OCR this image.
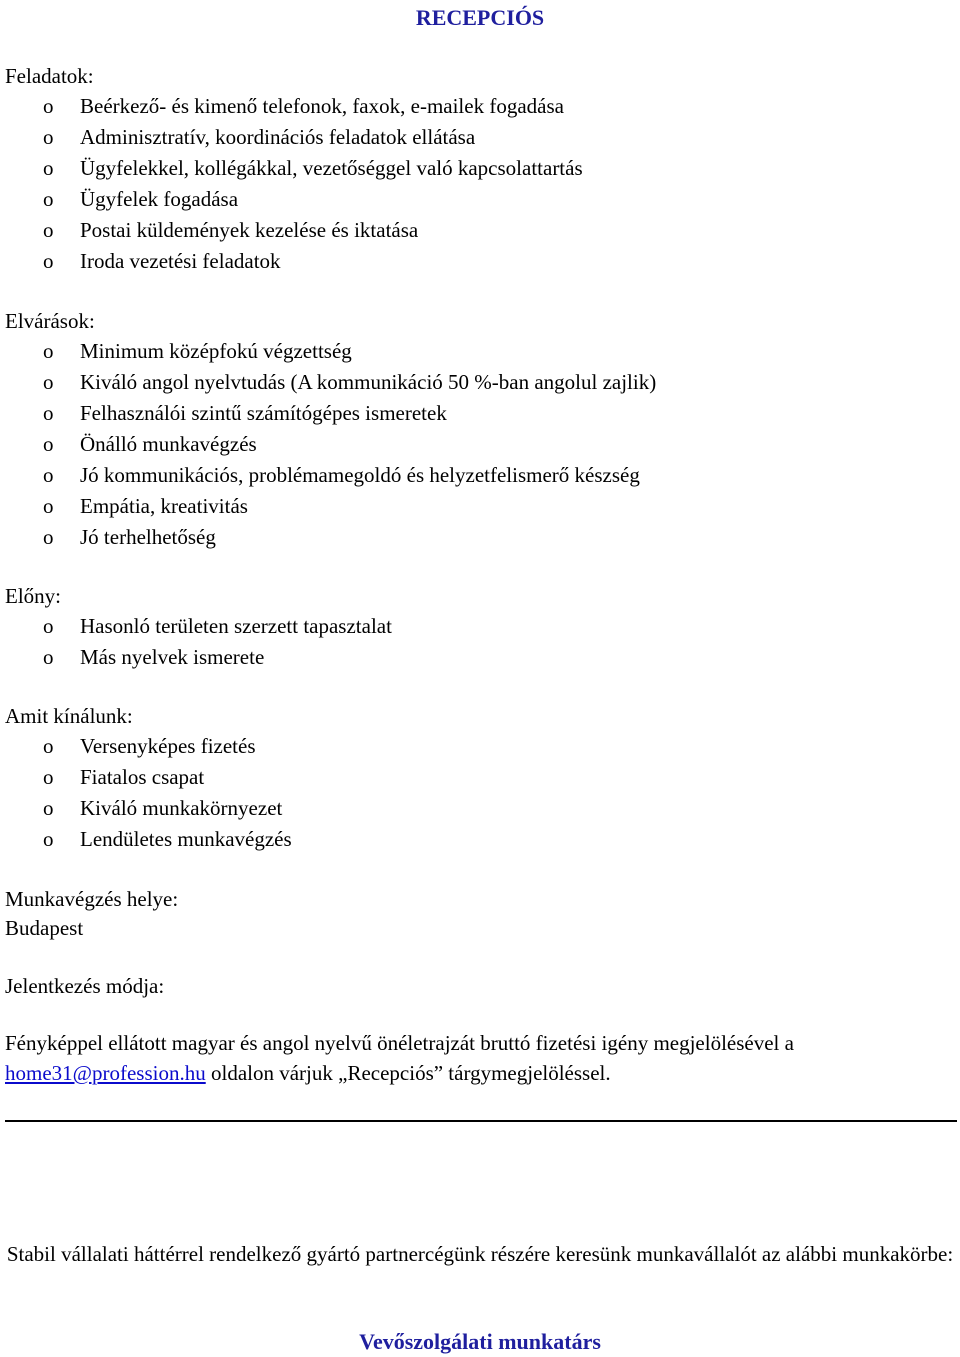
RECEPCIÓS
Feladatok:
o Beérkező- és kimenő telefonok, faxok, e-mailek fogadása
o Adminisztratív, koordinációs feladatok ellátása
o Ügyfelekkel, kollégákkal, vezetőséggel való kapcsolattartás
o Ügyfelek fogadása
o Postai küldemények kezelése és iktatása
o Iroda vezetési feladatok
Elvárások:
o Minimum középfokú végzettség
o Kiváló angol nyelvtudás (A kommunikáció 50 %-ban angolul zajlik)
o Felhasználói szintű számítógépes ismeretek
o Önálló munkavégzés
o Jó kommunikációs, problémamegoldó és helyzetfelismerő készség
o Empátia, kreativitás
o Jó terhelhetőség
Előny:
o Hasonló területen szerzett tapasztalat
o Más nyelvek ismerete
Amit kínálunk:
o Versenyképes fizetés
o Fiatalos csapat
o Kiváló munkakörnyezet
o Lendületes munkavégzés
Munkavégzés helye:
Budapest
Jelentkezés módja:
Fényképpel ellátott magyar és angol nyelvű önéletrajzát bruttó fizetési igény megjelölésével a
home31@profession.hu oldalon várjuk „Recepciós” tárgymegjelöléssel.
Stabil vállalati háttérrel rendelkező gyártó partnercégünk részére keresünk munkavállalót az alábbi munkakörbe:
Vevőszolgálati munkatárs
